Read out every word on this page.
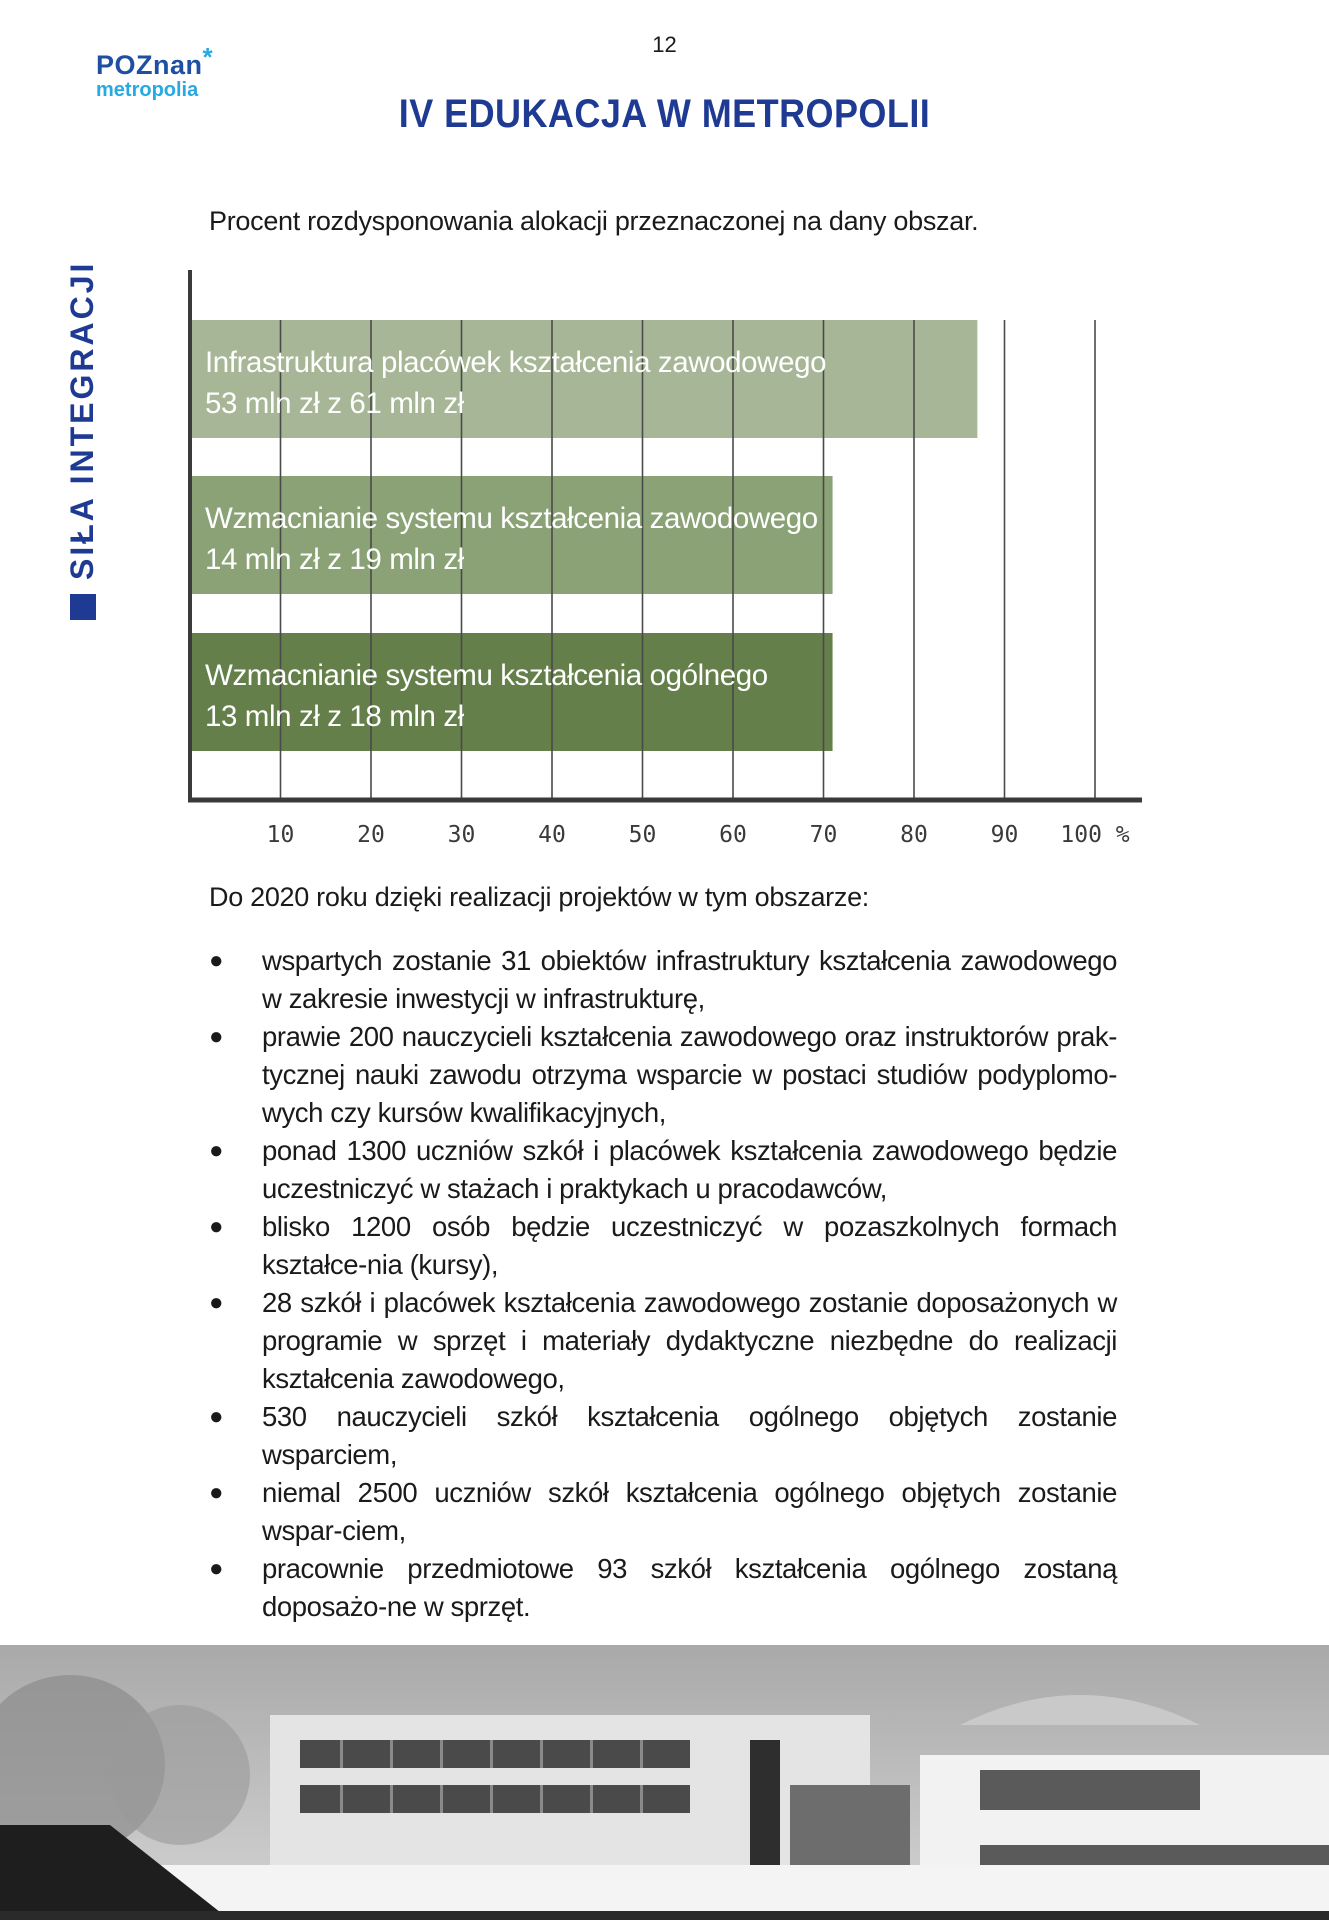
12
POZnan*
metropolia
IV EDUKACJA W METROPOLII
SIŁA INTEGRACJI
Procent rozdysponowania alokacji przeznaczonej na dany obszar.
10	20	30	40	50	60	70	80	90 100 %
Infrastruktura placówek kształcenia zawodowego
53 mln zł z 61 mln zł
Wzmacnianie systemu kształcenia zawodowego
14 mln zł z 19 mln zł
Wzmacnianie systemu kształcenia ogólnego
13 mln zł z 18 mln zł
Do 2020 roku dzięki realizacji projektów w tym obszarze:
● wspartych zostanie 31 obiektów infrastruktury kształcenia zawodowego w zakresie inwestycji w infrastrukturę,
● prawie 200 nauczycieli kształcenia zawodowego oraz instruktorów prak-tycznej nauki zawodu otrzyma wsparcie w postaci studiów podyplomo-wych czy kursów kwalifikacyjnych,
● ponad 1300 uczniów szkół i placówek kształcenia zawodowego będzie uczestniczyć w stażach i praktykach u pracodawców,
● blisko 1200 osób będzie uczestniczyć w pozaszkolnych formach kształce-nia (kursy),
● 28 szkół i placówek kształcenia zawodowego zostanie doposażonych w programie w sprzęt i materiały dydaktyczne niezbędne do realizacji kształcenia zawodowego,
● 530 nauczycieli szkół kształcenia ogólnego objętych zostanie wsparciem,
● niemal 2500 uczniów szkół kształcenia ogólnego objętych zostanie wspar-ciem,
● pracownie przedmiotowe 93 szkół kształcenia ogólnego zostaną doposażo-ne w sprzęt.
